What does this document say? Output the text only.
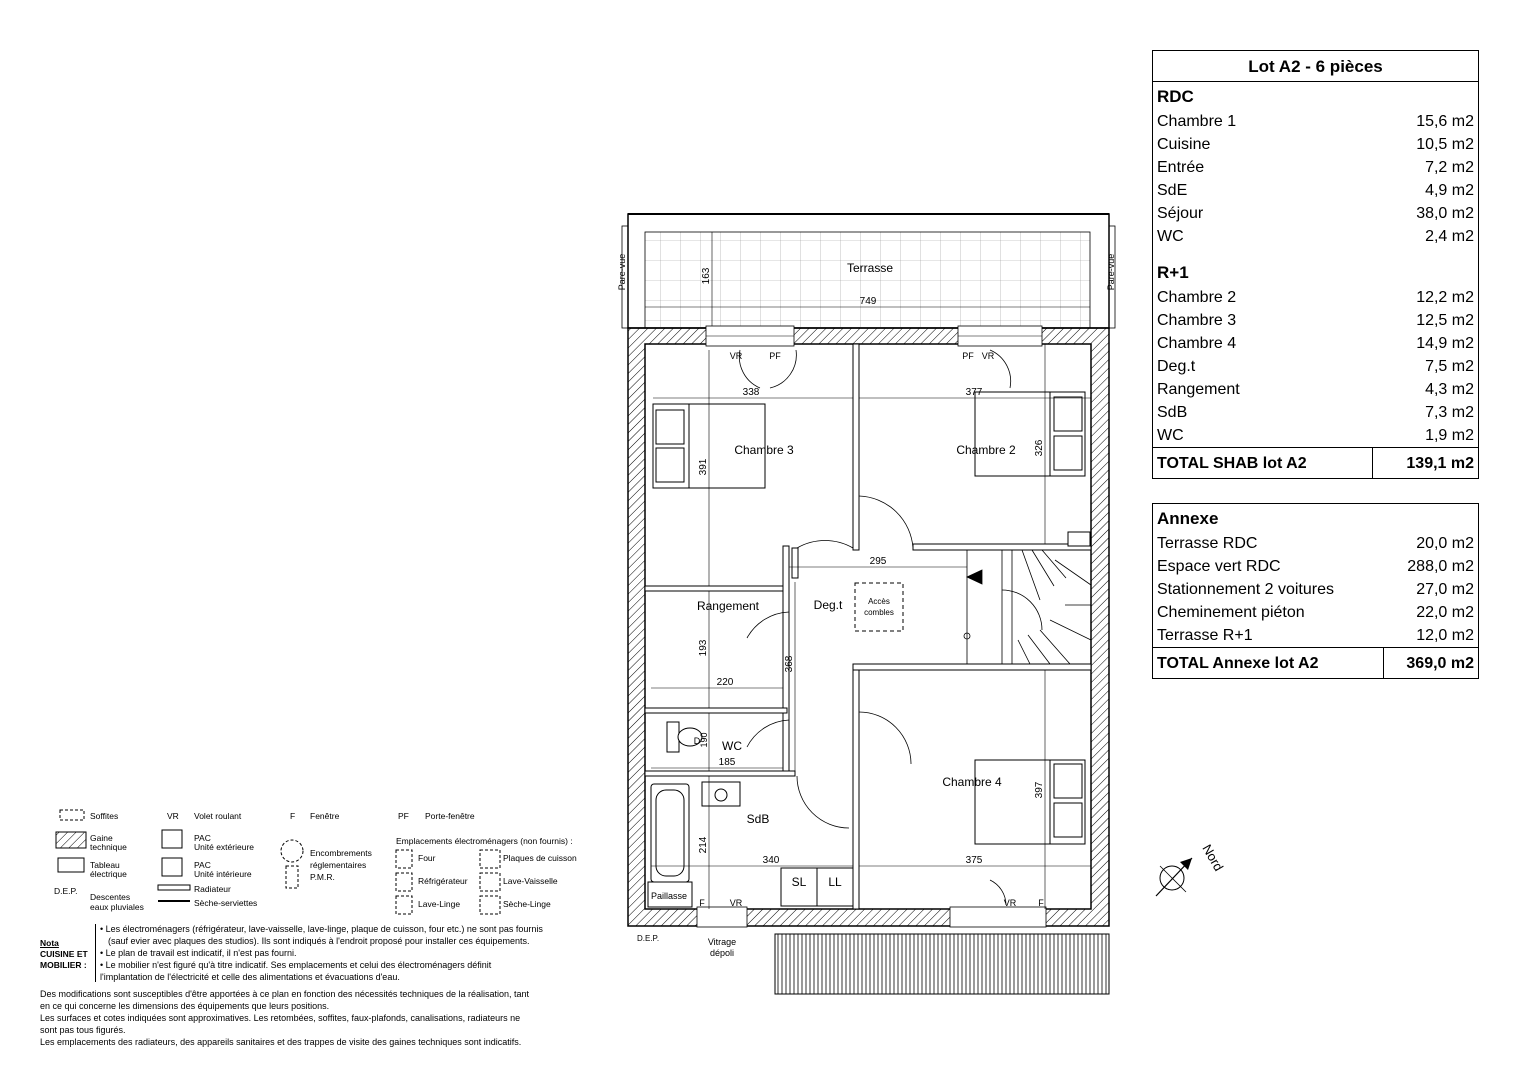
Lot A2 - 6 pièces	
RDC	
Chambre 1	15,6 m2
Cuisine	10,5 m2
Entrée	7,2 m2
SdE	4,9 m2
Séjour	38,0 m2
WC	2,4 m2

R+1	
Chambre 2	12,2 m2
Chambre 3	12,5 m2
Chambre 4	14,9 m2
Deg.t	7,5 m2
Rangement	4,3 m2
SdB	7,3 m2
WC	1,9 m2
TOTAL SHAB lot A2	139,1 m2
Annexe	
Terrasse RDC	20,0 m2
Espace vert RDC	288,0 m2
Stationnement 2 voitures	27,0 m2
Cheminement piéton	22,0 m2
Terrasse R+1	12,0 m2
TOTAL Annexe lot A2	369,0 m2
Terrasse
Pare-vue	Pare-vue
749
163
Chambre 3	Chambre 2
Rangement	Deg.t	Accès
combles
WC
SdB
Chambre 4
Paillasse
SL LL
D
VR	PF	PF VR
F	VR	VR F
Vitrage
dépoli
D.E.P.
338	377
391
326
295
193
220
368
190
185
214
340	375
397
Nord
Soffites	VR Volet roulant	F Fenêtre	PF Porte-fenêtre
Gaine
technique
PAC
Unité extérieure
Encombrements
réglementaires
P.M.R.
Emplacements électroménagers (non fournis) :
Tableau
électrique
PAC
Unité intérieure
D.E.P.
Descentes
eaux pluviales
Radiateur
Sèche-serviettes
Four
Réfrigérateur
Lave-Linge
Plaques de cuisson
Lave-Vaisselle
Sèche-Linge
Nota
CUISINE ET
MOBILIER :
• Les électroménagers (réfrigérateur, lave-vaisselle, lave-linge, plaque de cuisson, four etc.) ne sont pas fournis
(sauf evier avec plaques des studios). Ils sont indiqués à l'endroit proposé pour installer ces équipements.
• Le plan de travail est indicatif, il n'est pas fourni.
• Le mobilier n'est figuré qu'à titre indicatif. Ses emplacements et celui des électroménagers définit
l'implantation de l'électricité et celle des alimentations et évacuations d'eau.
Des modifications sont susceptibles d'être apportées à ce plan en fonction des nécessités techniques de la réalisation, tant
en ce qui concerne les dimensions des équipements que leurs positions.
Les surfaces et cotes indiquées sont approximatives. Les retombées, soffites, faux-plafonds, canalisations, radiateurs ne
sont pas tous figurés.
Les emplacements des radiateurs, des appareils sanitaires et des trappes de visite des gaines techniques sont indicatifs.
